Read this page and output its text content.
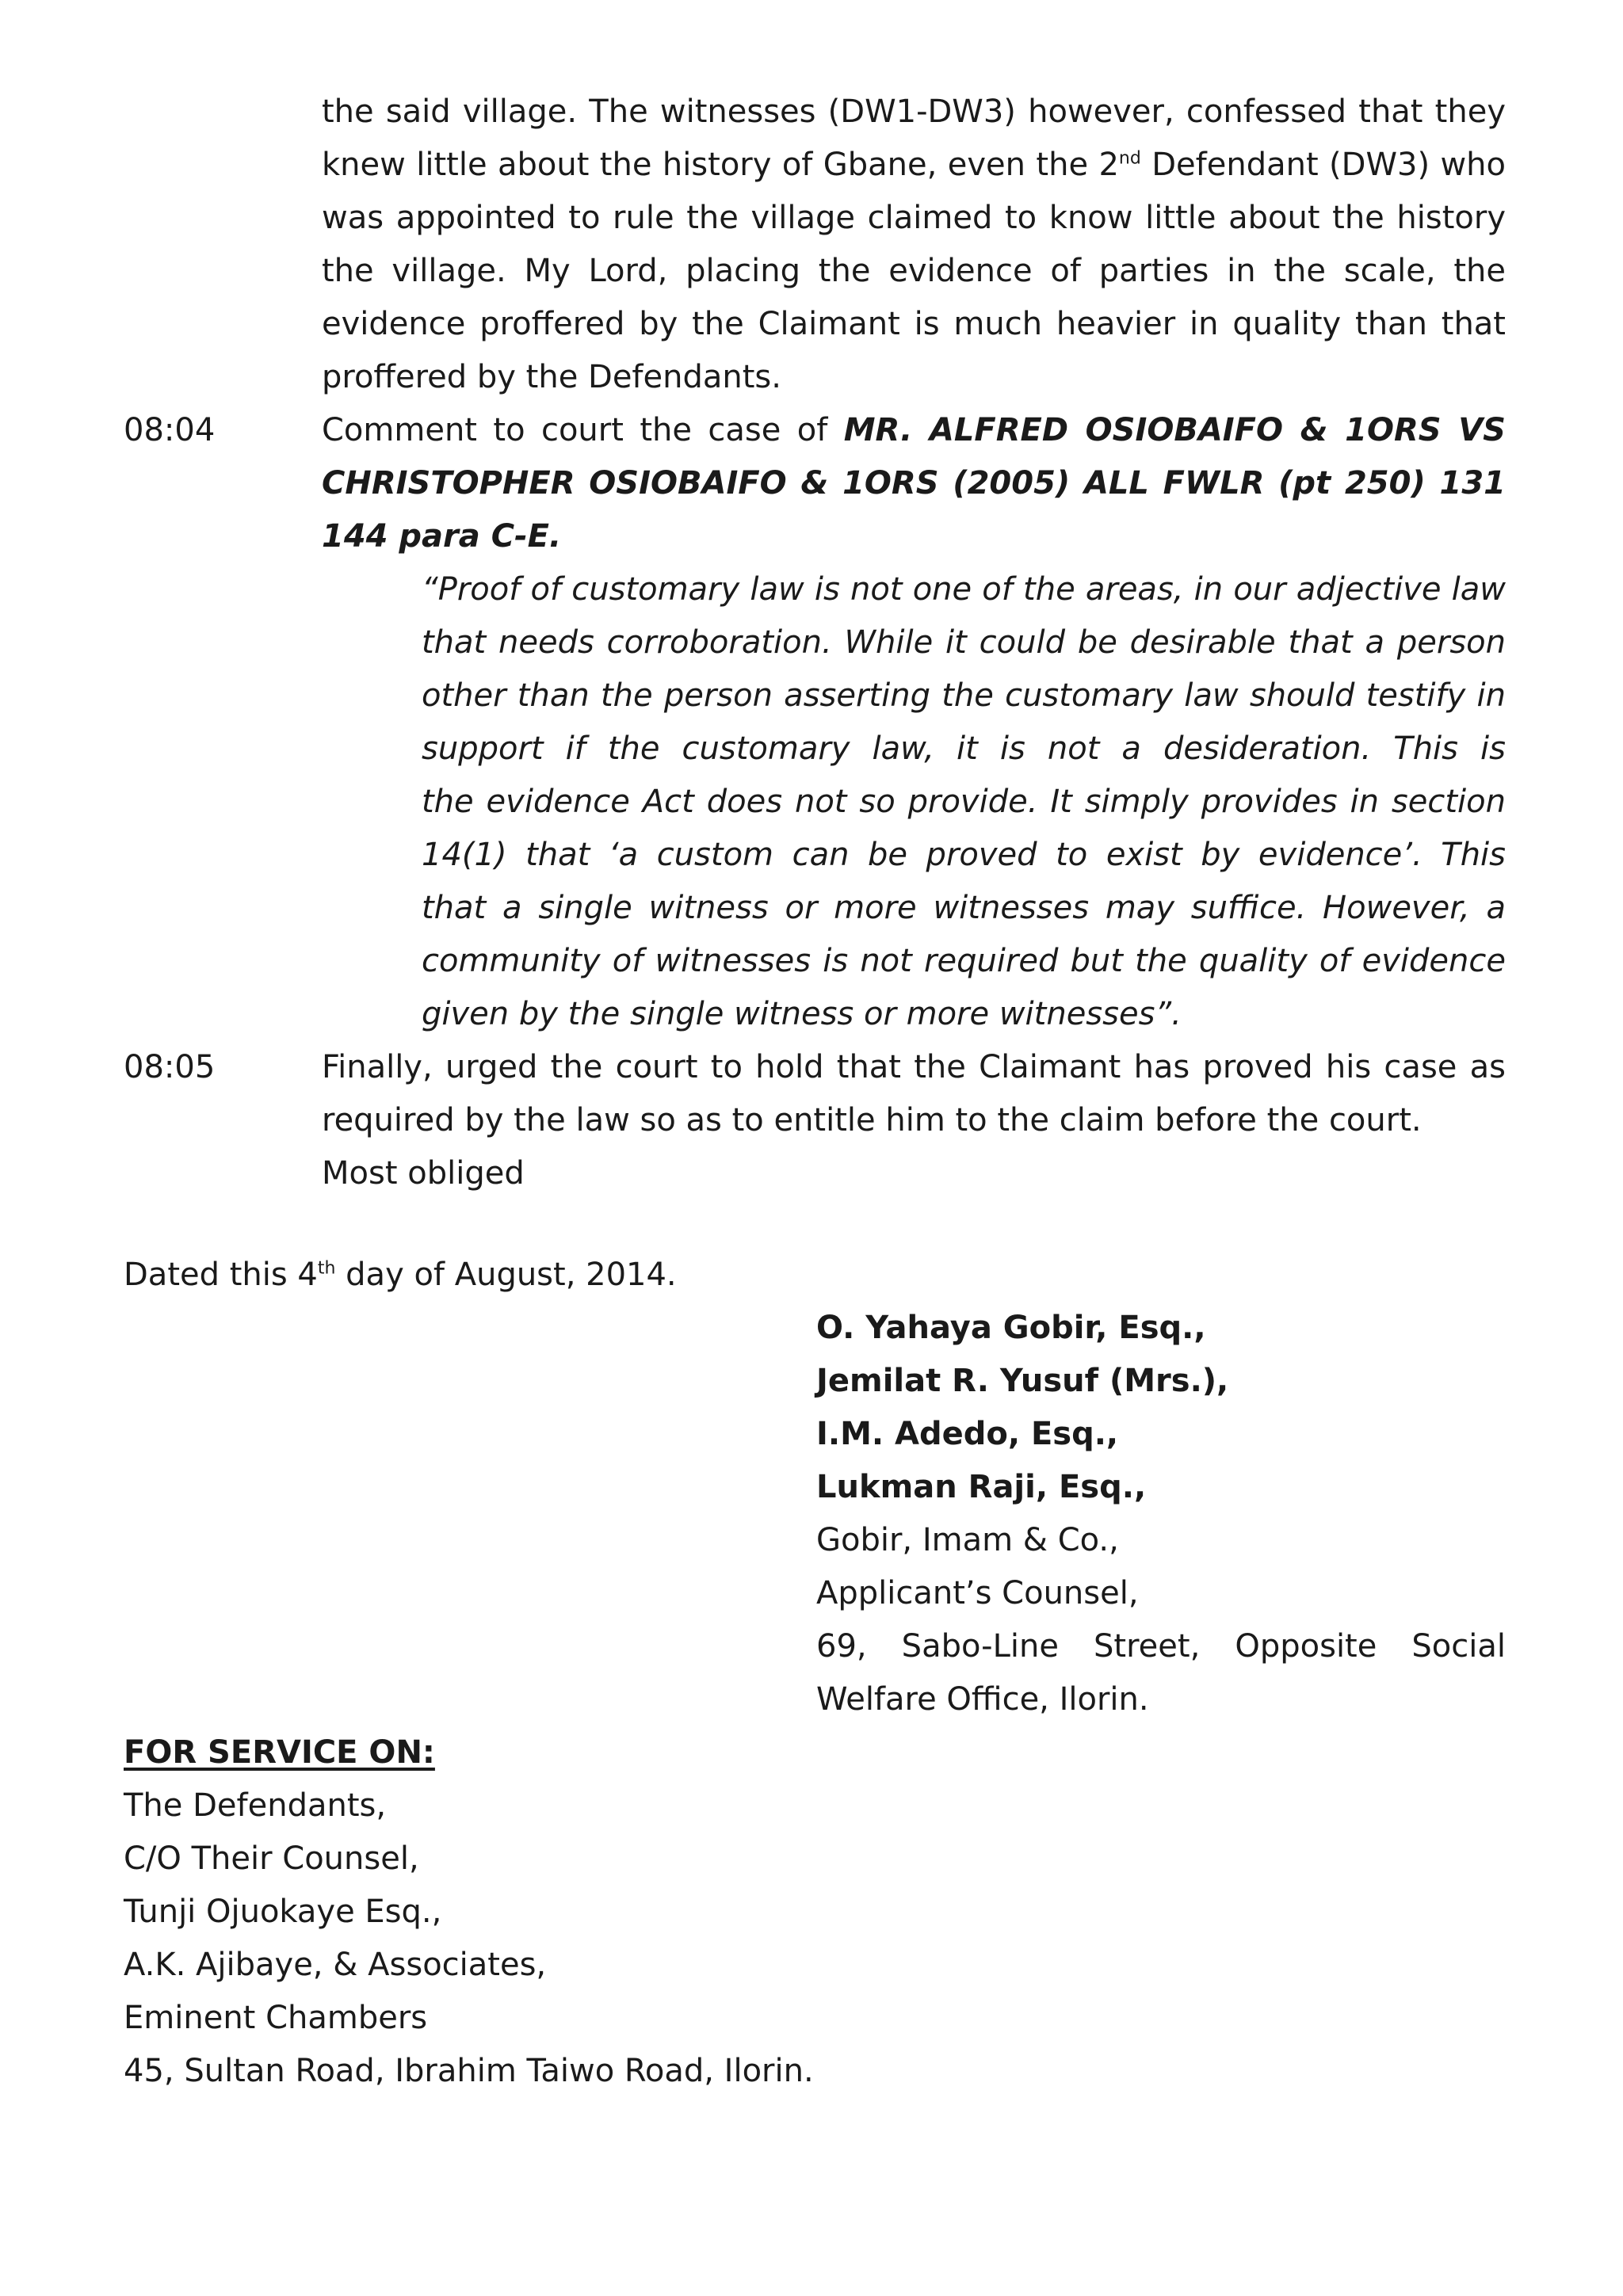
the said village. The witnesses (DW1-DW3) however, confessed that they
knew little about the history of Gbane, even the 2nd Defendant (DW3) who
was appointed to rule the village claimed to know little about the history
the village. My Lord, placing the evidence of parties in the scale, the
evidence proffered by the Claimant is much heavier in quality than that
proffered by the Defendants.
08:04	Comment to court the case of MR. ALFRED OSIOBAIFO & 1ORS VS
CHRISTOPHER OSIOBAIFO & 1ORS (2005) ALL FWLR (pt 250) 131
144 para C-E.
“Proof of customary law is not one of the areas, in our adjective law
that needs corroboration. While it could be desirable that a person
other than the person asserting the customary law should testify in
support if the customary law, it is not a desideration. This is
the evidence Act does not so provide. It simply provides in section
14(1) that ‘a custom can be proved to exist by evidence’. This
that a single witness or more witnesses may suffice. However, a
community of witnesses is not required but the quality of evidence
given by the single witness or more witnesses”.
08:05	Finally, urged the court to hold that the Claimant has proved his case as
required by the law so as to entitle him to the claim before the court.
Most obliged
Dated this 4th day of August, 2014.
O. Yahaya Gobir, Esq.,
Jemilat R. Yusuf (Mrs.),
I.M. Adedo, Esq.,
Lukman Raji, Esq.,
Gobir, Imam & Co.,
Applicant’s Counsel,
69, Sabo-Line Street, Opposite Social
Welfare Office, Ilorin.
FOR SERVICE ON:
The Defendants,
C/O Their Counsel,
Tunji Ojuokaye Esq.,
A.K. Ajibaye, & Associates,
Eminent Chambers
45, Sultan Road, Ibrahim Taiwo Road, Ilorin.
